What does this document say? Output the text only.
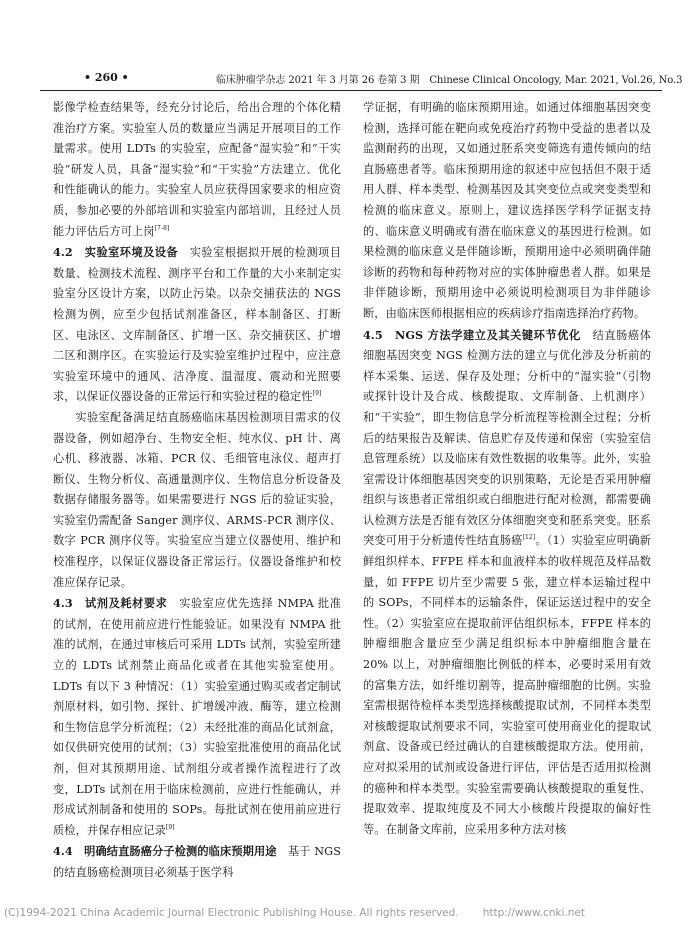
• 260 •	临床肿瘤学杂志 2021 年 3 月第 26 卷第 3 期　Chinese Clinical Oncology, Mar. 2021, Vol.26, No.3

影像学检查结果等，经充分讨论后，给出合理的个体化精准治疗方案。实验室人员的数量应当满足开展项目的工作量需求。使用 LDTs 的实验室，应配备“湿实验”和“干实验”研发人员，具备“湿实验”和“干实验”方法建立、优化和性能确认的能力。实验室人员应获得国家要求的相应资质，参加必要的外部培训和实验室内部培训，且经过人员能力评估后方可上岗[7-8]

4.2　实验室环境及设备　实验室根据拟开展的检测项目数量、检测技术流程、测序平台和工作量的大小来制定实验室分区设计方案，以防止污染。以杂交捕获法的 NGS 检测为例，应至少包括试剂准备区，样本制备区、打断区、电泳区、文库制备区、扩增一区、杂交捕获区、扩增二区和测序区。在实验运行及实验室维护过程中，应注意实验室环境中的通风、洁净度、温湿度、震动和光照要求，以保证仪器设备的正常运行和实验过程的稳定性[9]

实验室配备满足结直肠癌临床基因检测项目需求的仪器设备，例如超净台、生物安全柜、纯水仪、pH 计、离心机、移液器、冰箱、PCR 仪、毛细管电泳仪、超声打断仪、生物分析仪、高通量测序仪、生物信息分析设备及数据存储服务器等。如果需要进行 NGS 后的验证实验，实验室仍需配备 Sanger 测序仪、ARMS-PCR 测序仪、数字 PCR 测序仪等。实验室应当建立仪器使用、维护和校准程序，以保证仪器设备正常运行。仪器设备维护和校准应保存记录。

4.3　试剂及耗材要求　实验室应优先选择 NMPA 批准的试剂，在使用前应进行性能验证。如果没有 NMPA 批准的试剂，在通过审核后可采用 LDTs 试剂，实验室所建立的 LDTs 试剂禁止商品化或者在其他实验室使用。LDTs 有以下 3 种情况：（1）实验室通过购买或者定制试剂原材料，如引物、探针、扩增缓冲液、酶等，建立检测和生物信息学分析流程；（2）未经批准的商品化试剂盒，如仅供研究使用的试剂；（3）实验室批准使用的商品化试剂，但对其预期用途、试剂组分或者操作流程进行了改变，LDTs 试剂在用于临床检测前，应进行性能确认，并形成试剂制备和使用的 SOPs。每批试剂在使用前应进行质检，并保存相应记录[9]

4.4　明确结直肠癌分子检测的临床预期用途　基于 NGS 的结直肠癌检测项目必须基于医学科

学证据，有明确的临床预期用途。如通过体细胞基因突变检测，选择可能在靶向或免疫治疗药物中受益的患者以及监测耐药的出现，又如通过胚系突变筛选有遗传倾向的结直肠癌患者等。临床预期用途的叙述中应包括但不限于适用人群、样本类型、检测基因及其突变位点或突变类型和检测的临床意义。原则上，建议选择医学科学证据支持的、临床意义明确或有潜在临床意义的基因进行检测。如果检测的临床意义是伴随诊断，预期用途中必须明确伴随诊断的药物和每种药物对应的实体肿瘤患者人群。如果是非伴随诊断，预期用途中必须说明检测项目为非伴随诊断，由临床医师根据相应的疾病诊疗指南选择治疗药物。

4.5　NGS 方法学建立及其关键环节优化　结直肠癌体细胞基因突变 NGS 检测方法的建立与优化涉及分析前的样本采集、运送、保存及处理；分析中的“湿实验”（引物或探针设计及合成、核酸提取、文库制备、上机测序）和“干实验”，即生物信息学分析流程等检测全过程；分析后的结果报告及解读、信息贮存及传递和保密（实验室信息管理系统）以及临床有效性数据的收集等。此外，实验室需设计体细胞基因突变的识别策略，无论是否采用肿瘤组织与该患者正常组织或白细胞进行配对检测，都需要确认检测方法是否能有效区分体细胞突变和胚系突变。胚系突变可用于分析遗传性结直肠癌[12]。（1）实验室应明确新鲜组织样本、FFPE 样本和血液样本的收样规范及样品数量，如 FFPE 切片至少需要 5 张，建立样本运输过程中的 SOPs，不同样本的运输条件，保证运送过程中的安全性。（2）实验室应在提取前评估组织标本，FFPE 样本的肿瘤细胞含量应至少满足组织标本中肿瘤细胞含量在 20% 以上，对肿瘤细胞比例低的样本，必要时采用有效的富集方法，如纤维切割等，提高肿瘤细胞的比例。实验室需根据待检样本类型选择核酸提取试剂，不同样本类型对核酸提取试剂要求不同，实验室可使用商业化的提取试剂盒、设备或已经过确认的自建核酸提取方法。使用前，应对拟采用的试剂或设备进行评估，评估是否适用拟检测的癌种和样本类型。实验室需要确认核酸提取的重复性、提取效率、提取纯度及不同大小核酸片段提取的偏好性等。在制备文库前，应采用多种方法对核

(C)1994-2021 China Academic Journal Electronic Publishing House. All rights reserved. http://www.cnki.net
